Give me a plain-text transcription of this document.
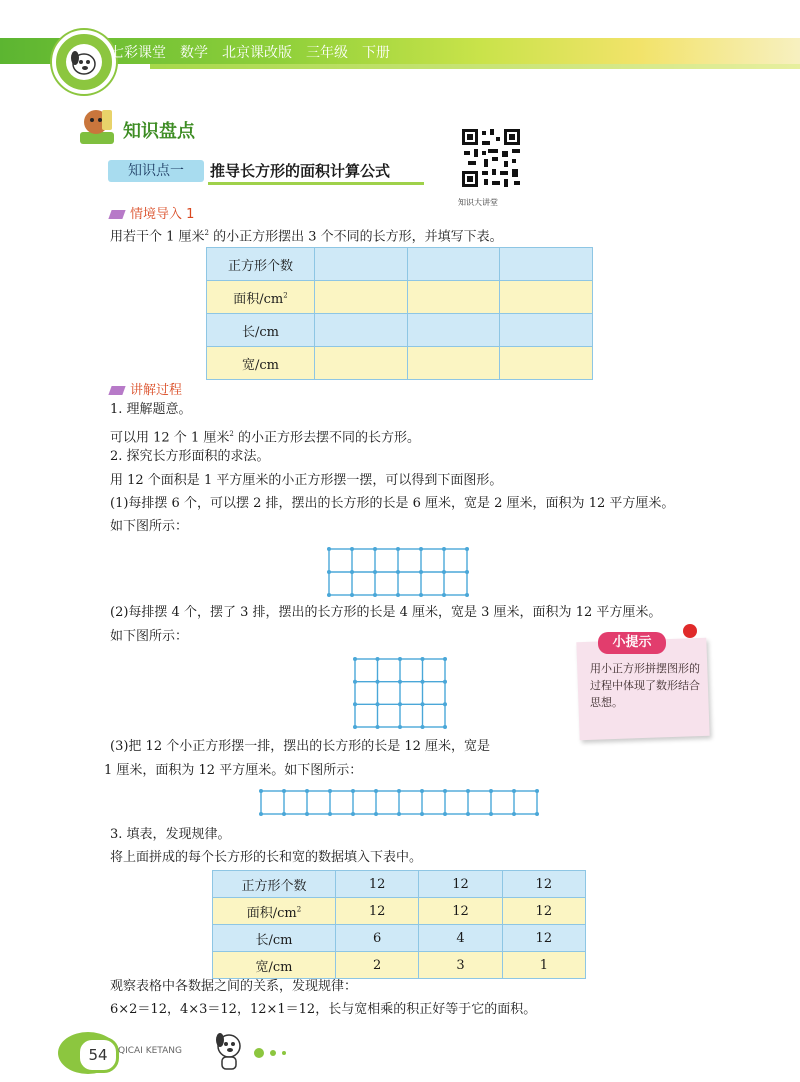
七彩课堂　数学　北京课改版　三年级　下册
知识盘点
知识点一	推导长方形的面积计算公式
知识大讲堂
情境导入 1
用若干个 1 厘米$^2$ 的小正方形摆出 3 个不同的长方形，并填写下表。
正方形个数			
面积$/cm^2$			
长/cm			
宽/cm			
讲解过程
1. 理解题意。
可以用 12 个 1 厘米$^2$ 的小正方形去摆不同的长方形。
2. 探究长方形面积的求法。
用 12 个面积是 1 平方厘米的小正方形摆一摆，可以得到下面图形。
(1)每排摆 6 个，可以摆 2 排，摆出的长方形的长是 6 厘米，宽是 2 厘米，面积为 12 平方厘米。
如下图所示：
(2)每排摆 4 个，摆了 3 排，摆出的长方形的长是 4 厘米，宽是 3 厘米，面积为 12 平方厘米。
如下图所示：	小提示
用小正方形拼摆图形的过程中体现了数形结合思想。
(3)把 12 个小正方形摆一排，摆出的长方形的长是 12 厘米，宽是
1 厘米，面积为 12 平方厘米。如下图所示：
3. 填表，发现规律。
将上面拼成的每个长方形的长和宽的数据填入下表中。
正方形个数	12	12	12
面积$/cm^2$	12	12	12
长/cm	6	4	12
宽/cm	2	3	1
观察表格中各数据之间的关系，发现规律：
6×2＝12，4×3＝12，12×1＝12，长与宽相乘的积正好等于它的面积。
54	QICAI KETANG
